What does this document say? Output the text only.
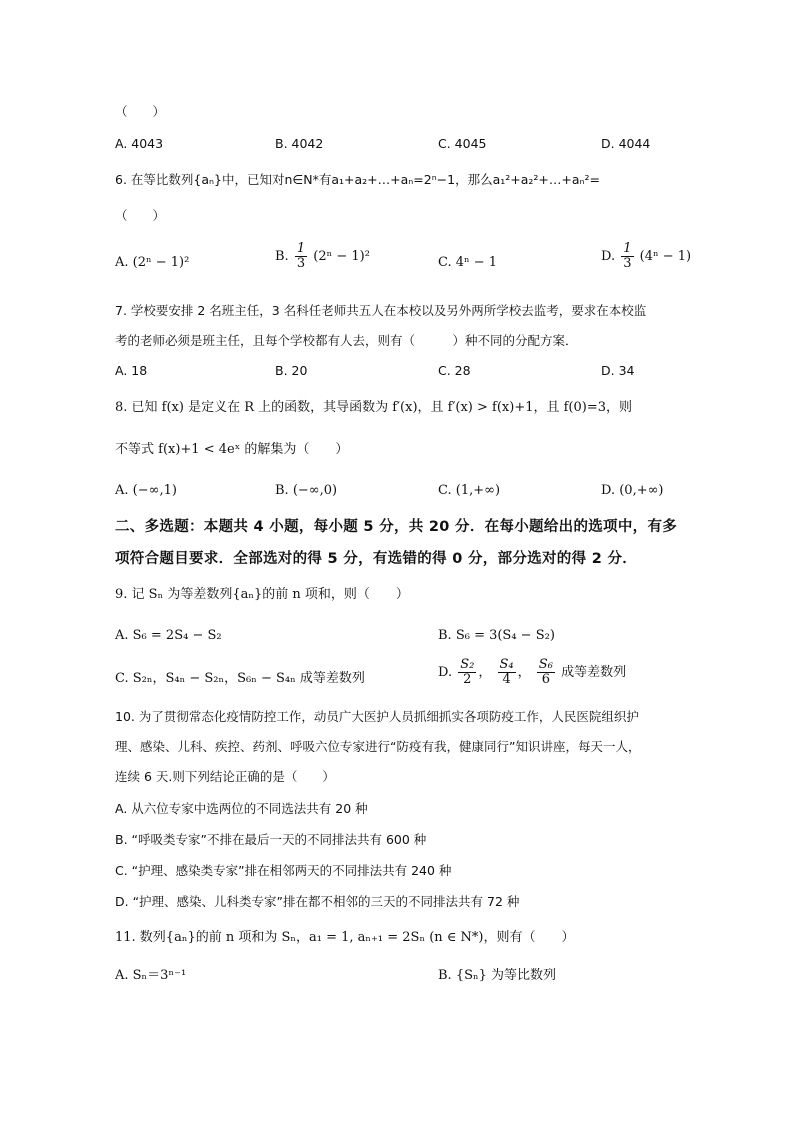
（　　）
A. 4043	B. 4042	C. 4045	D. 4044
6. 在等比数列{aₙ}中，已知对n∈N*有a₁+a₂+…+aₙ=2ⁿ−1，那么a₁²+a₂²+…+aₙ²=
（　　）
A. (2ⁿ − 1)²	B. $\frac{1}{3} (2^n - 1)^2$	C. 4ⁿ − 1	D. $\frac{1}{3} (4^n - 1)$
7. 学校要安排 2 名班主任，3 名科任老师共五人在本校以及另外两所学校去监考，要求在本校监
考的老师必须是班主任，且每个学校都有人去，则有（　　　）种不同的分配方案．
A. 18	B. 20	C. 28	D. 34
8. 已知 f(x) 是定义在 R 上的函数，其导函数为 f′(x)，且 f′(x) > f(x)+1，且 f(0)=3，则
不等式 f(x)+1 < 4eˣ 的解集为（　　）
A. (−∞,1)	B. (−∞,0)	C. (1,+∞)	D. (0,+∞)
二、多选题：本题共 4 小题，每小题 5 分，共 20 分．在每小题给出的选项中，有多
项符合题目要求．全部选对的得 5 分，有选错的得 0 分，部分选对的得 2 分．
9. 记 Sₙ 为等差数列{aₙ}的前 n 项和，则（　　）
A. S₆ = 2S₄ − S₂	B. S₆ = 3(S₄ − S₂)
C. S₂ₙ，S₄ₙ − S₂ₙ，S₆ₙ − S₄ₙ 成等差数列	D. $\frac{\text{S₂}}{2}$ ， $\frac{\text{S₄}}{4}$ ， $\frac{\text{S₆}}{6}$ 成等差数列
10. 为了贯彻常态化疫情防控工作，动员广大医护人员抓细抓实各项防疫工作，人民医院组织护
理、感染、儿科、疾控、药剂、呼吸六位专家进行“防疫有我，健康同行”知识讲座，每天一人，
连续 6 天.则下列结论正确的是（　　）
A. 从六位专家中选两位的不同选法共有 20 种
B. “呼吸类专家”不排在最后一天的不同排法共有 600 种
C. “护理、感染类专家”排在相邻两天的不同排法共有 240 种
D. “护理、感染、儿科类专家”排在都不相邻的三天的不同排法共有 72 种
11. 数列{aₙ}的前 n 项和为 Sₙ，a₁ = 1, aₙ₊₁ = 2Sₙ (n ∈ N*)，则有（　　）
A. Sₙ＝3ⁿ⁻¹	B. {Sₙ} 为等比数列
